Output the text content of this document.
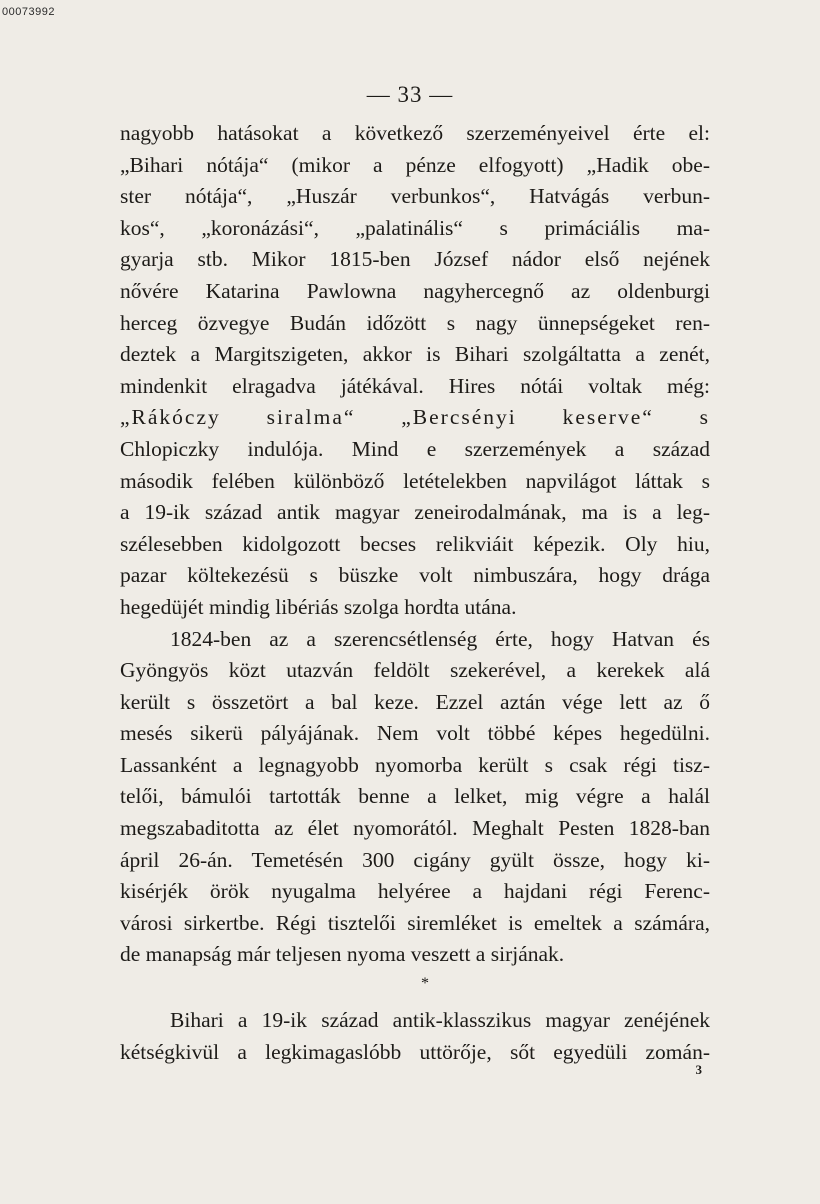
00073992
— 33 —
nagyobb hatásokat a következő szerzeményeivel érte el:
„Bihari nótája“ (mikor a pénze elfogyott) „Hadik obe-
ster nótája“, „Huszár verbunkos“, Hatvágás verbun-
kos“, „koronázási“, „palatinális“ s primáciális ma-
gyarja stb. Mikor 1815-ben József nádor első nejének
nővére Katarina Pawlowna nagyhercegnő az oldenburgi
herceg özvegye Budán időzött s nagy ünnepségeket ren-
deztek a Margitszigeten, akkor is Bihari szolgáltatta a zenét,
mindenkit elragadva játékával. Hires nótái voltak még:
„Rákóczy siralma“ „Bercsényi keserve“ s
Chlopiczky indulója. Mind e szerzemények a század
második felében különböző letételekben napvilágot láttak s
a 19-ik század antik magyar zeneirodalmának, ma is a leg-
szélesebben kidolgozott becses relikviáit képezik. Oly hiu,
pazar költekezésü s büszke volt nimbuszára, hogy drága
hegedüjét mindig libériás szolga hordta utána.
1824-ben az a szerencsétlenség érte, hogy Hatvan és
Gyöngyös közt utazván feldölt szekerével, a kerekek alá
került s összetört a bal keze. Ezzel aztán vége lett az ő
mesés sikerü pályájának. Nem volt többé képes hegedülni.
Lassanként a legnagyobb nyomorba került s csak régi tisz-
telői, bámulói tartották benne a lelket, mig végre a halál
megszabaditotta az élet nyomorától. Meghalt Pesten 1828-ban
ápril 26-án. Temetésén 300 cigány gyült össze, hogy ki-
kisérjék örök nyugalma helyéree a hajdani régi Ferenc-
városi sirkertbe. Régi tisztelői siremléket is emeltek a számára,
de manapság már teljesen nyoma veszett a sirjának.
*
Bihari a 19-ik század antik-klasszikus magyar zenéjének
kétségkivül a legkimagaslóbb uttörője, sőt egyedüli zomán-
3
